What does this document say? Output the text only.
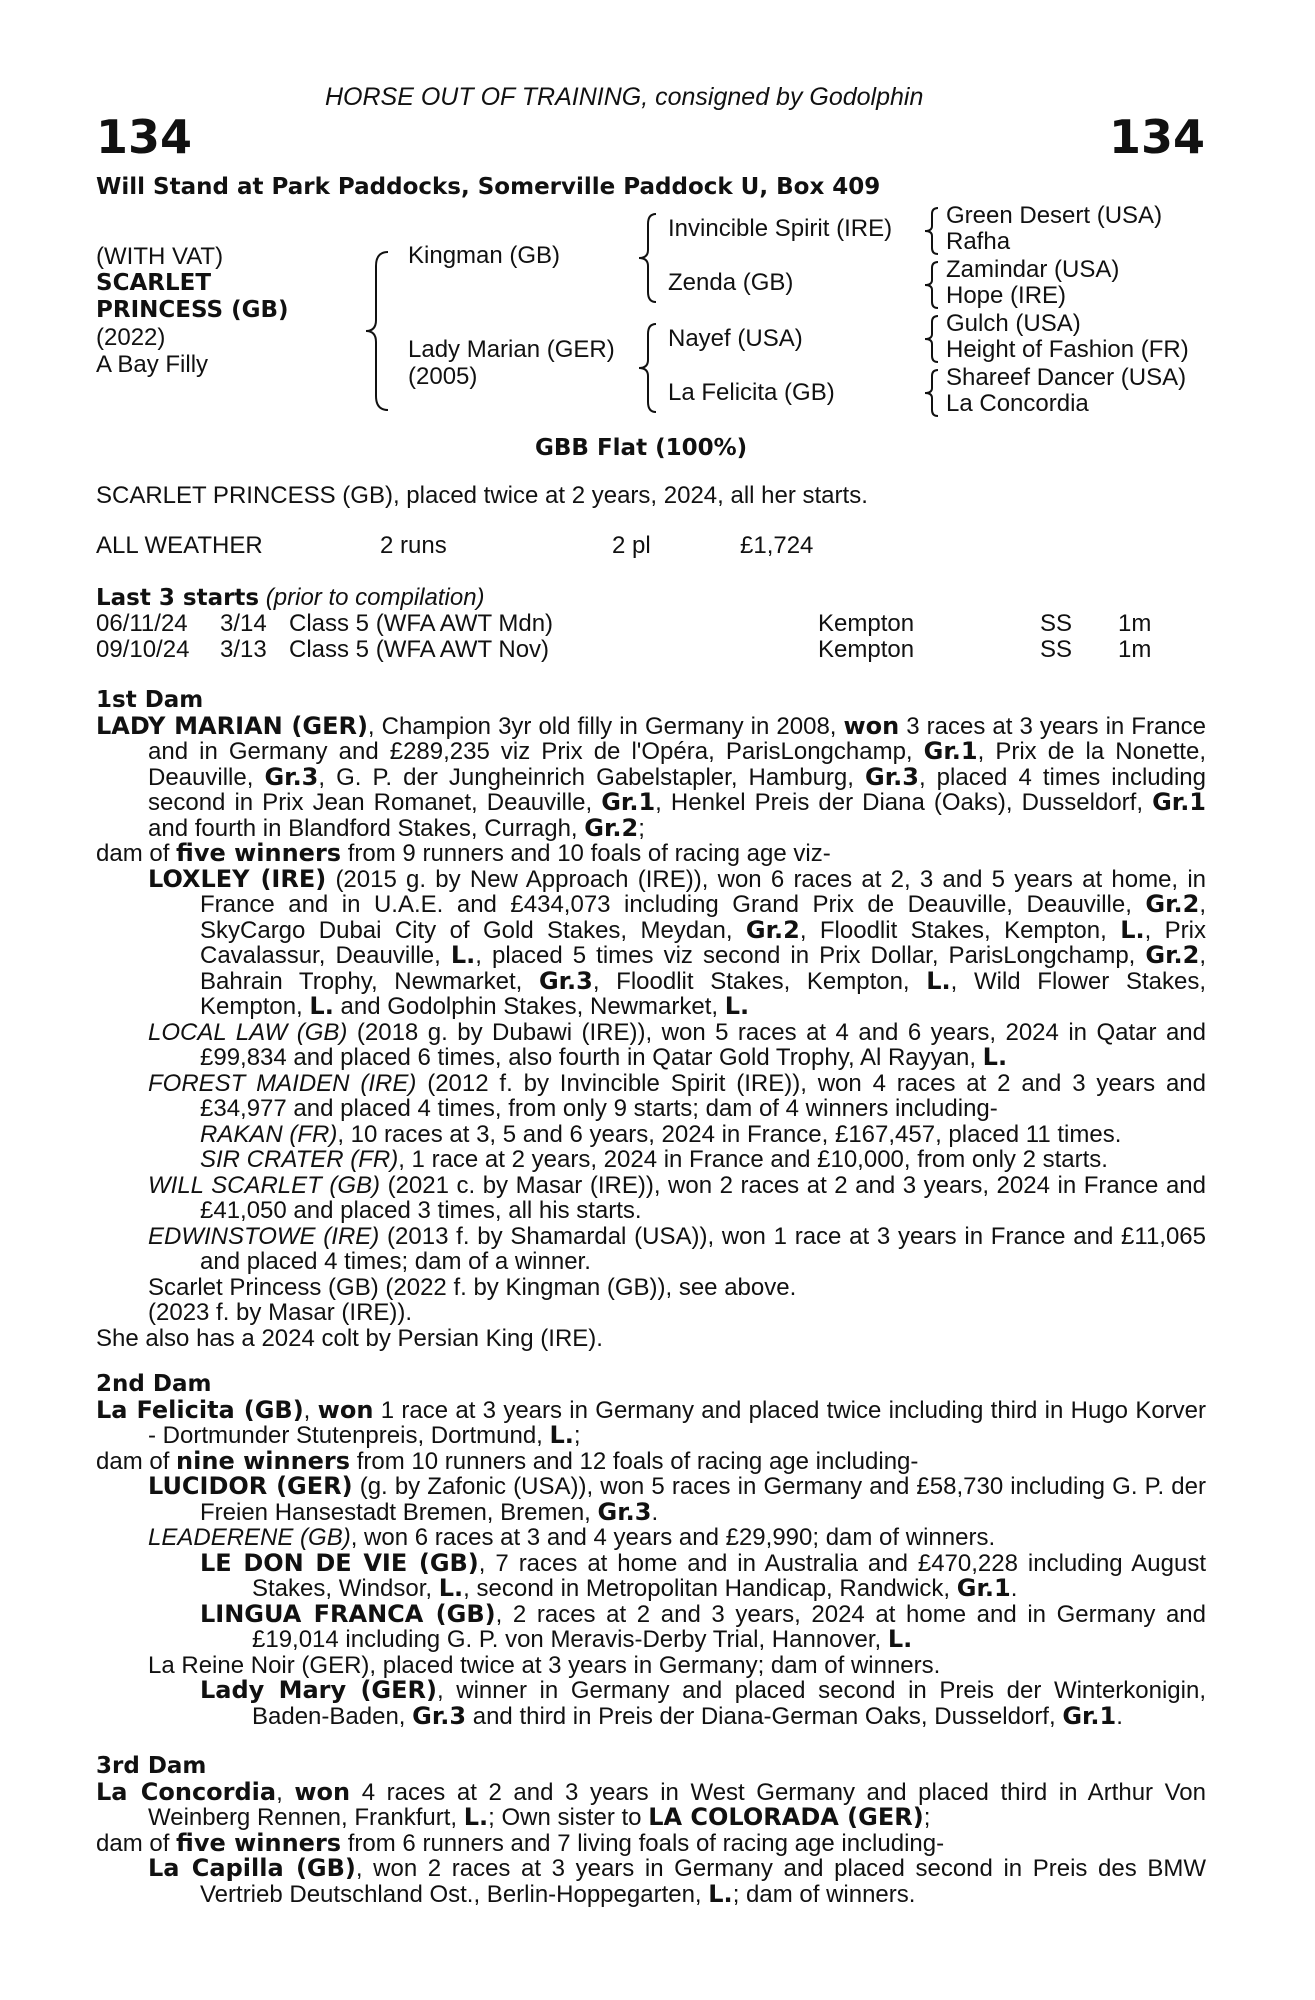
HORSE OUT OF TRAINING, consigned by Godolphin
134	134
Will Stand at Park Paddocks, Somerville Paddock U, Box 409
(WITH VAT)
SCARLET
PRINCESS (GB)
(2022)
A Bay Filly
Kingman (GB)
Lady Marian (GER)
(2005)
Invincible Spirit (IRE)
Zenda (GB)
Nayef (USA)
La Felicita (GB)
Green Desert (USA)
Rafha
Zamindar (USA)
Hope (IRE)
Gulch (USA)
Height of Fashion (FR)
Shareef Dancer (USA)
La Concordia
GBB Flat (100%)
SCARLET PRINCESS (GB), placed twice at 2 years, 2024, all her starts.
ALL WEATHER	2 runs	2 pl	£1,724
Last 3 starts (prior to compilation)
06/11/24 3/14 Class 5 (WFA AWT Mdn)	Kempton	SS 1m
09/10/24 3/13 Class 5 (WFA AWT Nov)	Kempton	SS 1m

1st Dam

LADY MARIAN (GER), Champion 3yr old filly in Germany in 2008, won 3 races at 3 years in France and in Germany and £289,235 viz Prix de l'Opéra, ParisLongchamp, Gr.1, Prix de la Nonette, Deauville, Gr.3, G. P. der Jungheinrich Gabelstapler, Hamburg, Gr.3, placed 4 times including second in Prix Jean Romanet, Deauville, Gr.1, Henkel Preis der Diana (Oaks), Dusseldorf, Gr.1 and fourth in Blandford Stakes, Curragh, Gr.2;

dam of five winners from 9 runners and 10 foals of racing age viz-

LOXLEY (IRE) (2015 g. by New Approach (IRE)), won 6 races at 2, 3 and 5 years at home, in France and in U.A.E. and £434,073 including Grand Prix de Deauville, Deauville, Gr.2, SkyCargo Dubai City of Gold Stakes, Meydan, Gr.2, Floodlit Stakes, Kempton, L., Prix Cavalassur, Deauville, L., placed 5 times viz second in Prix Dollar, ParisLongchamp, Gr.2, Bahrain Trophy, Newmarket, Gr.3, Floodlit Stakes, Kempton, L., Wild Flower Stakes, Kempton, L. and Godolphin Stakes, Newmarket, L.

LOCAL LAW (GB) (2018 g. by Dubawi (IRE)), won 5 races at 4 and 6 years, 2024 in Qatar and £99,834 and placed 6 times, also fourth in Qatar Gold Trophy, Al Rayyan, L.

FOREST MAIDEN (IRE) (2012 f. by Invincible Spirit (IRE)), won 4 races at 2 and 3 years and £34,977 and placed 4 times, from only 9 starts; dam of 4 winners including-

RAKAN (FR), 10 races at 3, 5 and 6 years, 2024 in France, £167,457, placed 11 times.

SIR CRATER (FR), 1 race at 2 years, 2024 in France and £10,000, from only 2 starts.

WILL SCARLET (GB) (2021 c. by Masar (IRE)), won 2 races at 2 and 3 years, 2024 in France and £41,050 and placed 3 times, all his starts.

EDWINSTOWE (IRE) (2013 f. by Shamardal (USA)), won 1 race at 3 years in France and £11,065 and placed 4 times; dam of a winner.

Scarlet Princess (GB) (2022 f. by Kingman (GB)), see above.

(2023 f. by Masar (IRE)).

She also has a 2024 colt by Persian King (IRE).

2nd Dam

La Felicita (GB), won 1 race at 3 years in Germany and placed twice including third in Hugo Korver - Dortmunder Stutenpreis, Dortmund, L.;

dam of nine winners from 10 runners and 12 foals of racing age including-

LUCIDOR (GER) (g. by Zafonic (USA)), won 5 races in Germany and £58,730 including G. P. der Freien Hansestadt Bremen, Bremen, Gr.3.

LEADERENE (GB), won 6 races at 3 and 4 years and £29,990; dam of winners.

LE DON DE VIE (GB), 7 races at home and in Australia and £470,228 including August Stakes, Windsor, L., second in Metropolitan Handicap, Randwick, Gr.1.

LINGUA FRANCA (GB), 2 races at 2 and 3 years, 2024 at home and in Germany and £19,014 including G. P. von Meravis-Derby Trial, Hannover, L.

La Reine Noir (GER), placed twice at 3 years in Germany; dam of winners.

Lady Mary (GER), winner in Germany and placed second in Preis der Winterkonigin, Baden-Baden, Gr.3 and third in Preis der Diana-German Oaks, Dusseldorf, Gr.1.

3rd Dam

La Concordia, won 4 races at 2 and 3 years in West Germany and placed third in Arthur Von Weinberg Rennen, Frankfurt, L.; Own sister to LA COLORADA (GER);

dam of five winners from 6 runners and 7 living foals of racing age including-

La Capilla (GB), won 2 races at 3 years in Germany and placed second in Preis des BMW Vertrieb Deutschland Ost., Berlin-Hoppegarten, L.; dam of winners.
